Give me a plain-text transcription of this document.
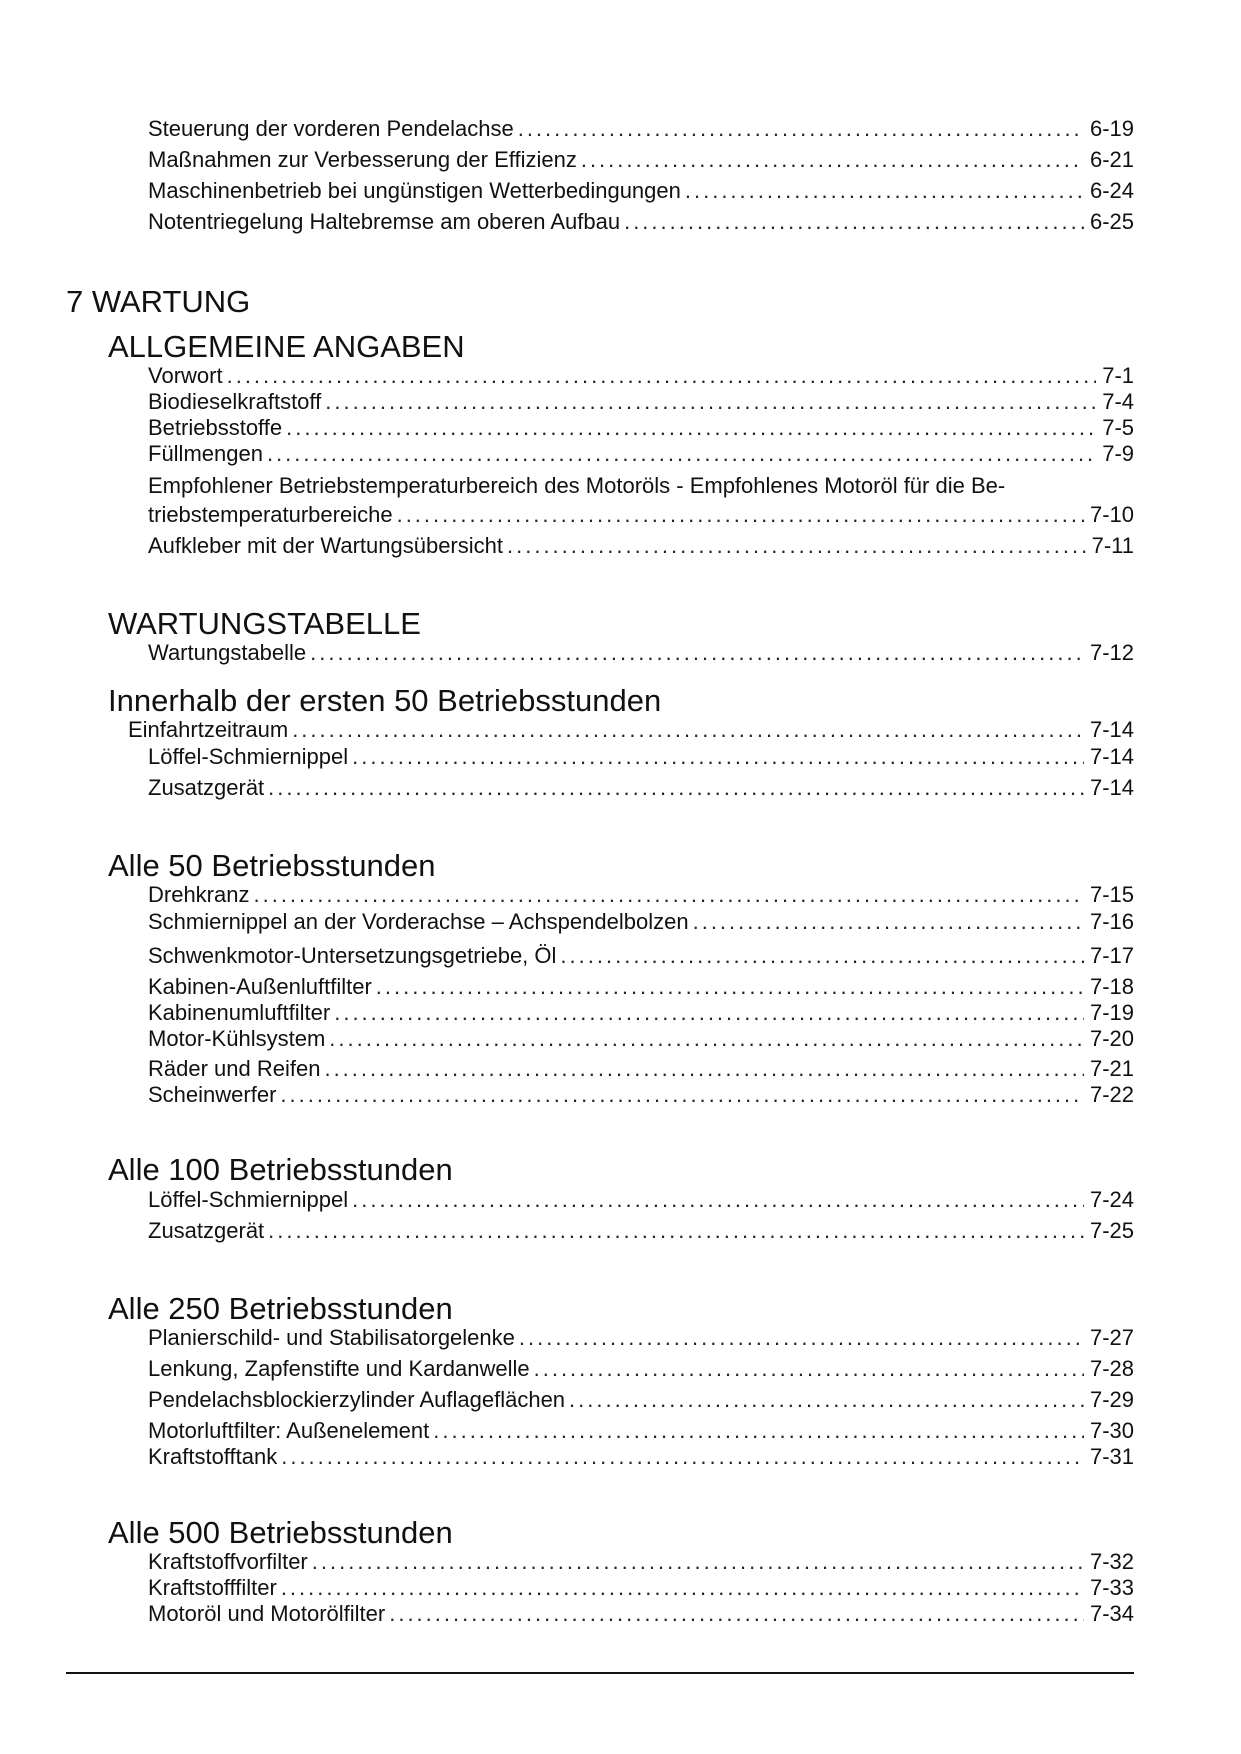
Steuerung der vorderen Pendelachse .....	6-19
Maßnahmen zur Verbesserung der Effizienz .....	6-21
Maschinenbetrieb bei ungünstigen Wetterbedingungen .....	6-24
Notentriegelung Haltebremse am oberen Aufbau .....	6-25
7 WARTUNG
ALLGEMEINE ANGABEN
Vorwort .....	7-1
Biodieselkraftstoff .....	7-4
Betriebsstoffe .....	7-5
Füllmengen .....	7-9
Empfohlener Betriebstemperaturbereich des Motoröls - Empfohlenes Motoröl für die Be-
triebstemperaturbereiche .....	7-10
Aufkleber mit der Wartungsübersicht .....	7-11
WARTUNGSTABELLE
Wartungstabelle .....	7-12
Innerhalb der ersten 50 Betriebsstunden
Einfahrtzeitraum .....	7-14
Löffel-Schmiernippel .....	7-14
Zusatzgerät .....	7-14
Alle 50 Betriebsstunden
Drehkranz .....	7-15
Schmiernippel an der Vorderachse – Achspendelbolzen .....	7-16
Schwenkmotor-Untersetzungsgetriebe, Öl .....	7-17
Kabinen-Außenluftfilter .....	7-18
Kabinenumluftfilter .....	7-19
Motor-Kühlsystem .....	7-20
Räder und Reifen .....	7-21
Scheinwerfer .....	7-22
Alle 100 Betriebsstunden
Löffel-Schmiernippel .....	7-24
Zusatzgerät .....	7-25
Alle 250 Betriebsstunden
Planierschild- und Stabilisatorgelenke .....	7-27
Lenkung, Zapfenstifte und Kardanwelle .....	7-28
Pendelachsblockierzylinder Auflageflächen .....	7-29
Motorluftfilter: Außenelement .....	7-30
Kraftstofftank .....	7-31
Alle 500 Betriebsstunden
Kraftstoffvorfilter .....	7-32
Kraftstofffilter .....	7-33
Motoröl und Motorölfilter .....	7-34
